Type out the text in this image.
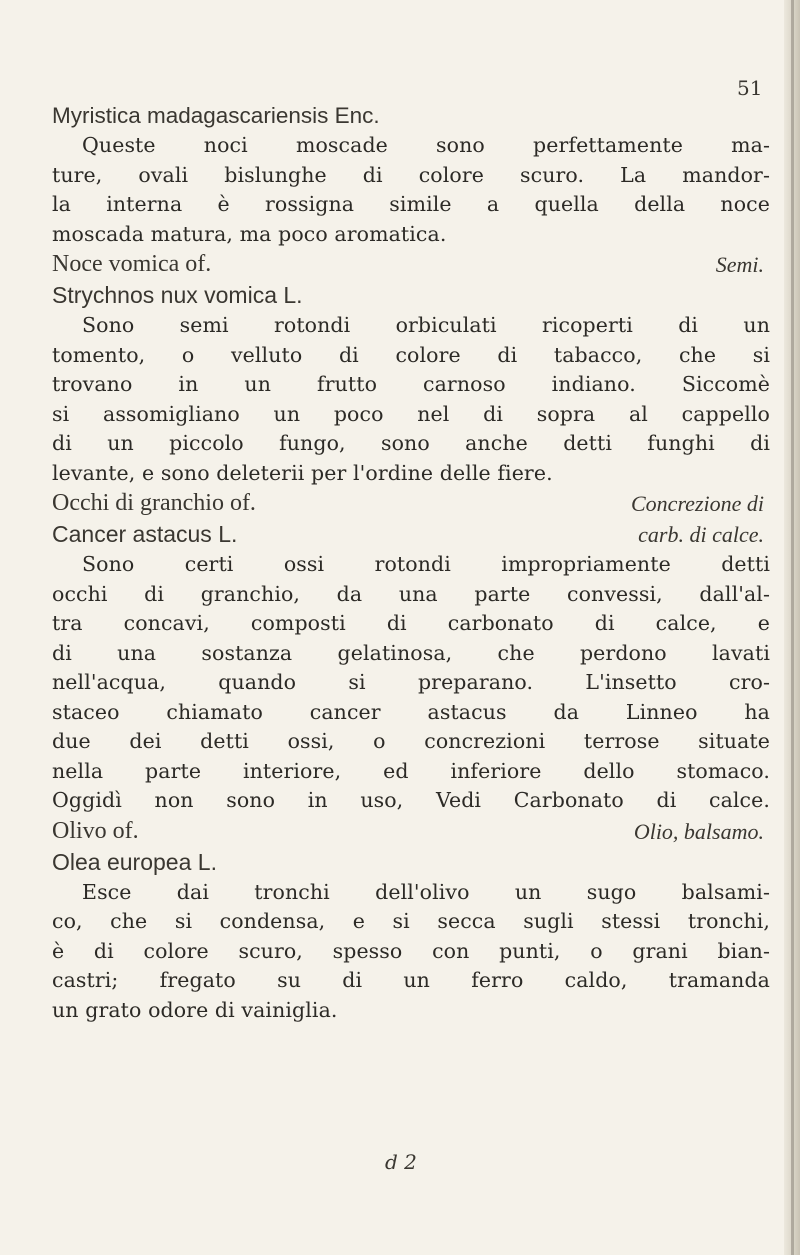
51
Myristica madagascariensis Enc.
Queste noci moscade sono perfettamente ma-
ture, ovali bislunghe di colore scuro. La mandor-
la interna è rossigna simile a quella della noce
moscada matura, ma poco aromatica.
Noce vomica of.	Semi.
Strychnos nux vomica L.
Sono semi rotondi orbiculati ricoperti di un
tomento, o velluto di colore di tabacco, che si
trovano in un frutto carnoso indiano. Siccomè
si assomigliano un poco nel di sopra al cappello
di un piccolo fungo, sono anche detti funghi di
levante, e sono deleterii per l'ordine delle fiere.
Occhi di granchio of.	Concrezione di
Cancer astacus L.	carb. di calce.
Sono certi ossi rotondi impropriamente detti
occhi di granchio, da una parte convessi, dall'al-
tra concavi, composti di carbonato di calce, e
di una sostanza gelatinosa, che perdono lavati
nell'acqua, quando si preparano. L'insetto cro-
staceo chiamato cancer astacus da Linneo ha
due dei detti ossi, o concrezioni terrose situate
nella parte interiore, ed inferiore dello stomaco.
Oggidì non sono in uso, Vedi Carbonato di calce.
Olivo of.	Olio, balsamo.
Olea europea L.
Esce dai tronchi dell'olivo un sugo balsami-
co, che si condensa, e si secca sugli stessi tronchi,
è di colore scuro, spesso con punti, o grani bian-
castri; fregato su di un ferro caldo, tramanda
un grato odore di vainiglia.
d 2
